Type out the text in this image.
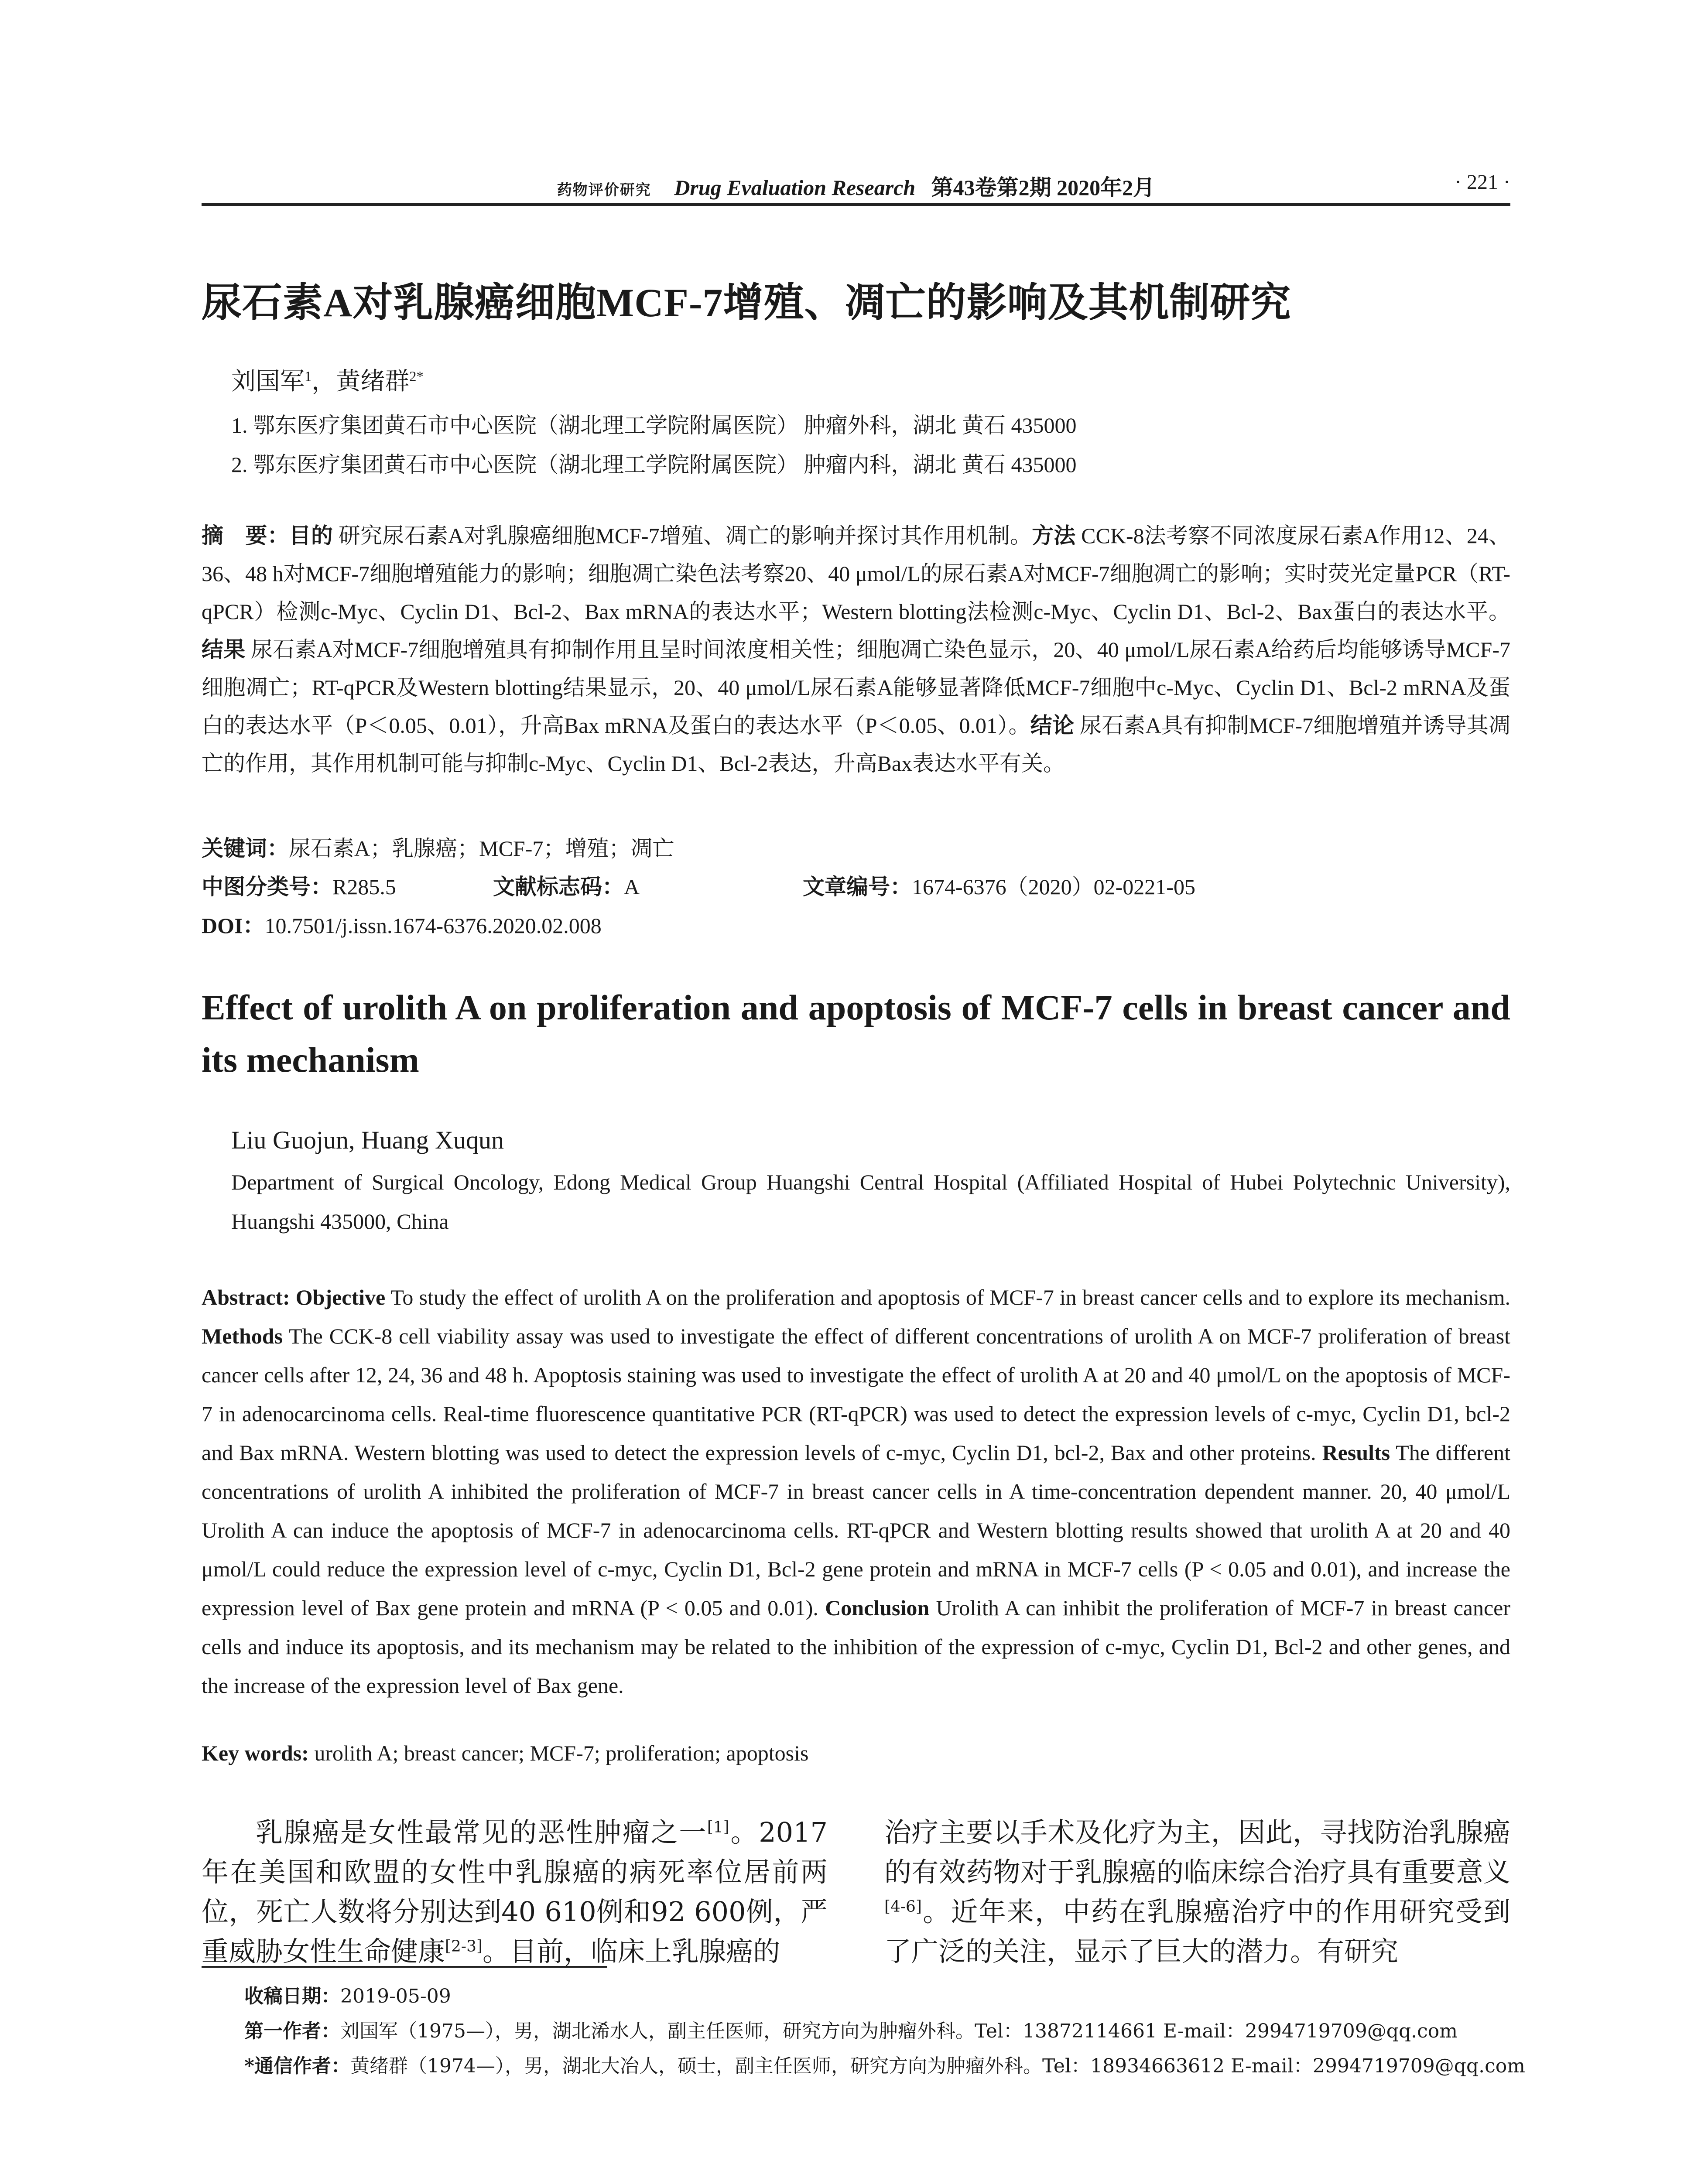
药物评价研究 Drug Evaluation Research 第43卷第2期 2020年2月	· 221 ·
尿石素A对乳腺癌细胞MCF-7增殖、凋亡的影响及其机制研究
刘国军$^1$，黄绪群$^{2*}$
1. 鄂东医疗集团黄石市中心医院（湖北理工学院附属医院） 肿瘤外科，湖北 黄石 435000
2. 鄂东医疗集团黄石市中心医院（湖北理工学院附属医院） 肿瘤内科，湖北 黄石 435000
摘　要：目的 研究尿石素A对乳腺癌细胞MCF-7增殖、凋亡的影响并探讨其作用机制。方法 CCK-8法考察不同浓度尿石素A作用12、24、36、48 h对MCF-7细胞增殖能力的影响；细胞凋亡染色法考察20、40 μmol/L的尿石素A对MCF-7细胞凋亡的影响；实时荧光定量PCR（RT-qPCR）检测c-Myc、Cyclin D1、Bcl-2、Bax mRNA的表达水平；Western blotting法检测c-Myc、Cyclin D1、Bcl-2、Bax蛋白的表达水平。结果 尿石素A对MCF-7细胞增殖具有抑制作用且呈时间浓度相关性；细胞凋亡染色显示，20、40 μmol/L尿石素A给药后均能够诱导MCF-7细胞凋亡；RT-qPCR及Western blotting结果显示，20、40 μmol/L尿石素A能够显著降低MCF-7细胞中c-Myc、Cyclin D1、Bcl-2 mRNA及蛋白的表达水平（P＜0.05、0.01），升高Bax mRNA及蛋白的表达水平（P＜0.05、0.01）。结论 尿石素A具有抑制MCF-7细胞增殖并诱导其凋亡的作用，其作用机制可能与抑制c-Myc、Cyclin D1、Bcl-2表达，升高Bax表达水平有关。
关键词：尿石素A；乳腺癌；MCF-7；增殖；凋亡
中图分类号：R285.5	文献标志码：A	文章编号：1674-6376（2020）02-0221-05
DOI：10.7501/j.issn.1674-6376.2020.02.008
Effect of urolith A on proliferation and apoptosis of MCF-7 cells in breast cancer and its mechanism
Liu Guojun, Huang Xuqun
Department of Surgical Oncology, Edong Medical Group Huangshi Central Hospital (Affiliated Hospital of Hubei Polytechnic University), Huangshi 435000, China
Abstract: Objective To study the effect of urolith A on the proliferation and apoptosis of MCF-7 in breast cancer cells and to explore its mechanism. Methods The CCK-8 cell viability assay was used to investigate the effect of different concentrations of urolith A on MCF-7 proliferation of breast cancer cells after 12, 24, 36 and 48 h. Apoptosis staining was used to investigate the effect of urolith A at 20 and 40 μmol/L on the apoptosis of MCF-7 in adenocarcinoma cells. Real-time fluorescence quantitative PCR (RT-qPCR) was used to detect the expression levels of c-myc, Cyclin D1, bcl-2 and Bax mRNA. Western blotting was used to detect the expression levels of c-myc, Cyclin D1, bcl-2, Bax and other proteins. Results The different concentrations of urolith A inhibited the proliferation of MCF-7 in breast cancer cells in A time-concentration dependent manner. 20, 40 μmol/L Urolith A can induce the apoptosis of MCF-7 in adenocarcinoma cells. RT-qPCR and Western blotting results showed that urolith A at 20 and 40 μmol/L could reduce the expression level of c-myc, Cyclin D1, Bcl-2 gene protein and mRNA in MCF-7 cells (P < 0.05 and 0.01), and increase the expression level of Bax gene protein and mRNA (P < 0.05 and 0.01). Conclusion Urolith A can inhibit the proliferation of MCF-7 in breast cancer cells and induce its apoptosis, and its mechanism may be related to the inhibition of the expression of c-myc, Cyclin D1, Bcl-2 and other genes, and the increase of the expression level of Bax gene.
Key words: urolith A; breast cancer; MCF-7; proliferation; apoptosis
乳腺癌是女性最常见的恶性肿瘤之一[1]。2017年在美国和欧盟的女性中乳腺癌的病死率位居前两位，死亡人数将分别达到40 610例和92 600例，严重威胁女性生命健康[2-3]。目前，临床上乳腺癌的
治疗主要以手术及化疗为主，因此，寻找防治乳腺癌的有效药物对于乳腺癌的临床综合治疗具有重要意义[4-6]。近年来，中药在乳腺癌治疗中的作用研究受到了广泛的关注，显示了巨大的潜力。有研究
收稿日期：2019-05-09
第一作者：刘国军（1975—），男，湖北浠水人，副主任医师，研究方向为肿瘤外科。Tel：13872114661 E-mail：2994719709@qq.com
*通信作者：黄绪群（1974—），男，湖北大冶人，硕士，副主任医师，研究方向为肿瘤外科。Tel：18934663612 E-mail：2994719709@qq.com
